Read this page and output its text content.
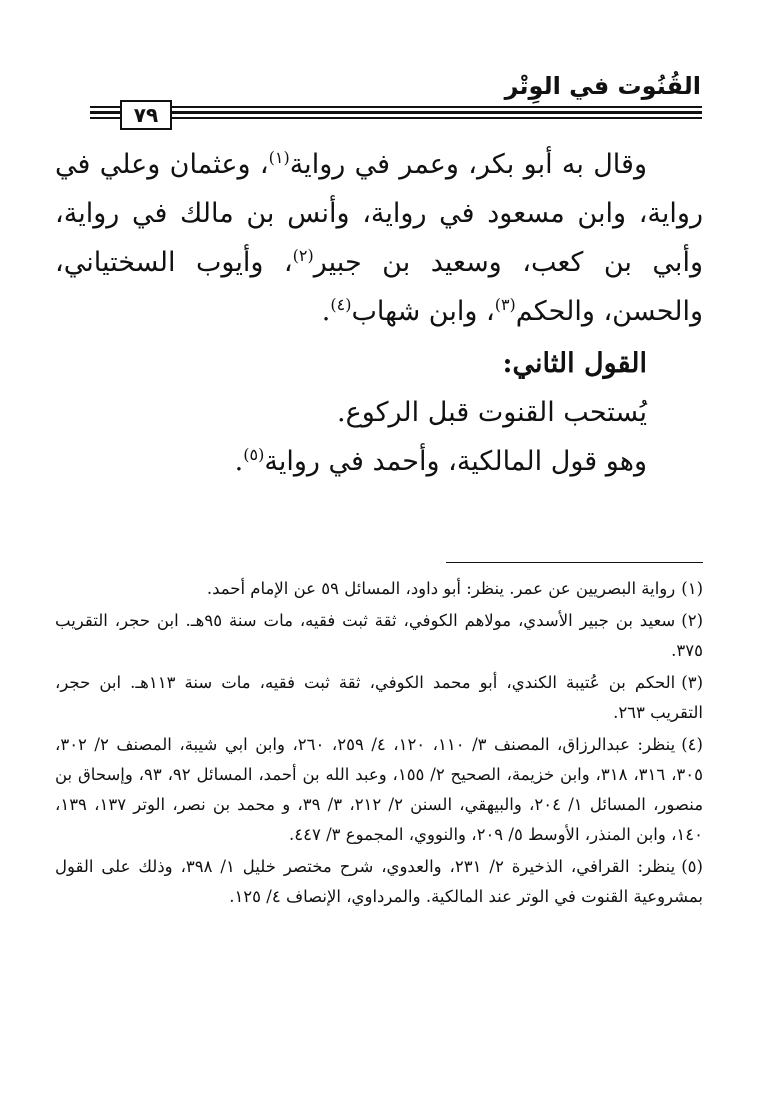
القُنُوت في الوِتْر
٧٩

وقال به أبو بكر، وعمر في رواية$^{(١)}$، وعثمان وعلي في رواية، وابن مسعود في رواية، وأنس بن مالك في رواية، وأبي بن كعب، وسعيد بن جبير$^{(٢)}$، وأيوب السختياني، والحسن، والحكم$^{(٣)}$، وابن شهاب$^{(٤)}$.

القول الثاني:

يُستحب القنوت قبل الركوع.

وهو قول المالكية، وأحمد في رواية$^{(٥)}$.

(١)رواية البصريين عن عمر. ينظر: أبو داود، المسائل ٥٩ عن الإمام أحمد.

(٢)سعيد بن جبير الأسدي، مولاهم الكوفي، ثقة ثبت فقيه، مات سنة ٩٥هـ. ابن حجر، التقريب ٣٧٥.

(٣)الحكم بن عُتيبة الكندي، أبو محمد الكوفي، ثقة ثبت فقيه، مات سنة ١١٣هـ. ابن حجر، التقريب ٢٦٣.

(٤)ينظر: عبدالرزاق، المصنف ٣/ ١١٠، ١٢٠، ٤/ ٢٥٩، ٢٦٠، وابن ابي شيبة، المصنف ٢/ ٣٠٢، ٣٠٥، ٣١٦، ٣١٨، وابن خزيمة، الصحيح ٢/ ١٥٥، وعبد الله بن أحمد، المسائل ٩٢، ٩٣، وإسحاق بن منصور، المسائل ١/ ٢٠٤، والبيهقي، السنن ٢/ ٢١٢، ٣/ ٣٩، و محمد بن نصر، الوتر ١٣٧، ١٣٩، ١٤٠، وابن المنذر، الأوسط ٥/ ٢٠٩، والنووي، المجموع ٣/ ٤٤٧.

(٥)ينظر: القرافي، الذخيرة ٢/ ٢٣١، والعدوي، شرح مختصر خليل ١/ ٣٩٨، وذلك على القول بمشروعية القنوت في الوتر عند المالكية. والمرداوي، الإنصاف ٤/ ١٢٥.
